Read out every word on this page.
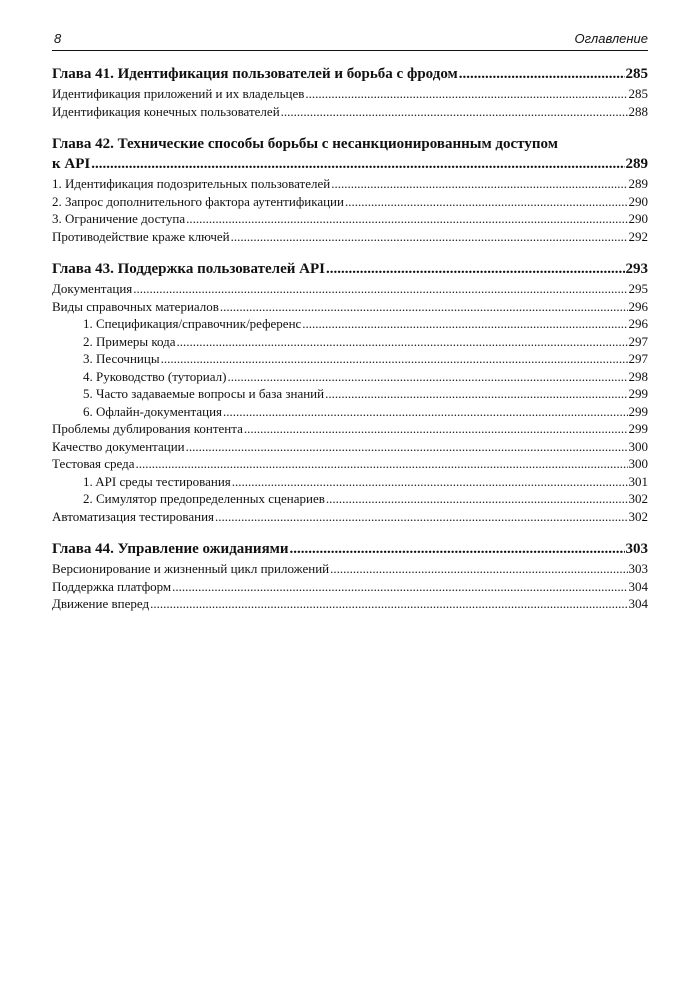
8	Оглавление
Глава 41. Идентификация пользователей и борьба с фродом .....	285
Идентификация приложений и их владельцев .....	285
Идентификация конечных пользователей .....	288
Глава 42. Технические способы борьбы с несанкционированным доступом
к API .....	289
1. Идентификация подозрительных пользователей .....	289
2. Запрос дополнительного фактора аутентификации .....	290
3. Ограничение доступа .....	290
Противодействие краже ключей .....	292
Глава 43. Поддержка пользователей API .....	293
Документация .....	295
Виды справочных материалов .....	296
1. Спецификация/справочник/референс .....	296
2. Примеры кода .....	297
3. Песочницы .....	297
4. Руководство (туториал) .....	298
5. Часто задаваемые вопросы и база знаний .....	299
6. Офлайн-документация .....	299
Проблемы дублирования контента .....	299
Качество документации .....	300
Тестовая среда .....	300
1. API среды тестирования .....	301
2. Симулятор предопределенных сценариев .....	302
Автоматизация тестирования .....	302
Глава 44. Управление ожиданиями .....	303
Версионирование и жизненный цикл приложений .....	303
Поддержка платформ .....	304
Движение вперед .....	304
